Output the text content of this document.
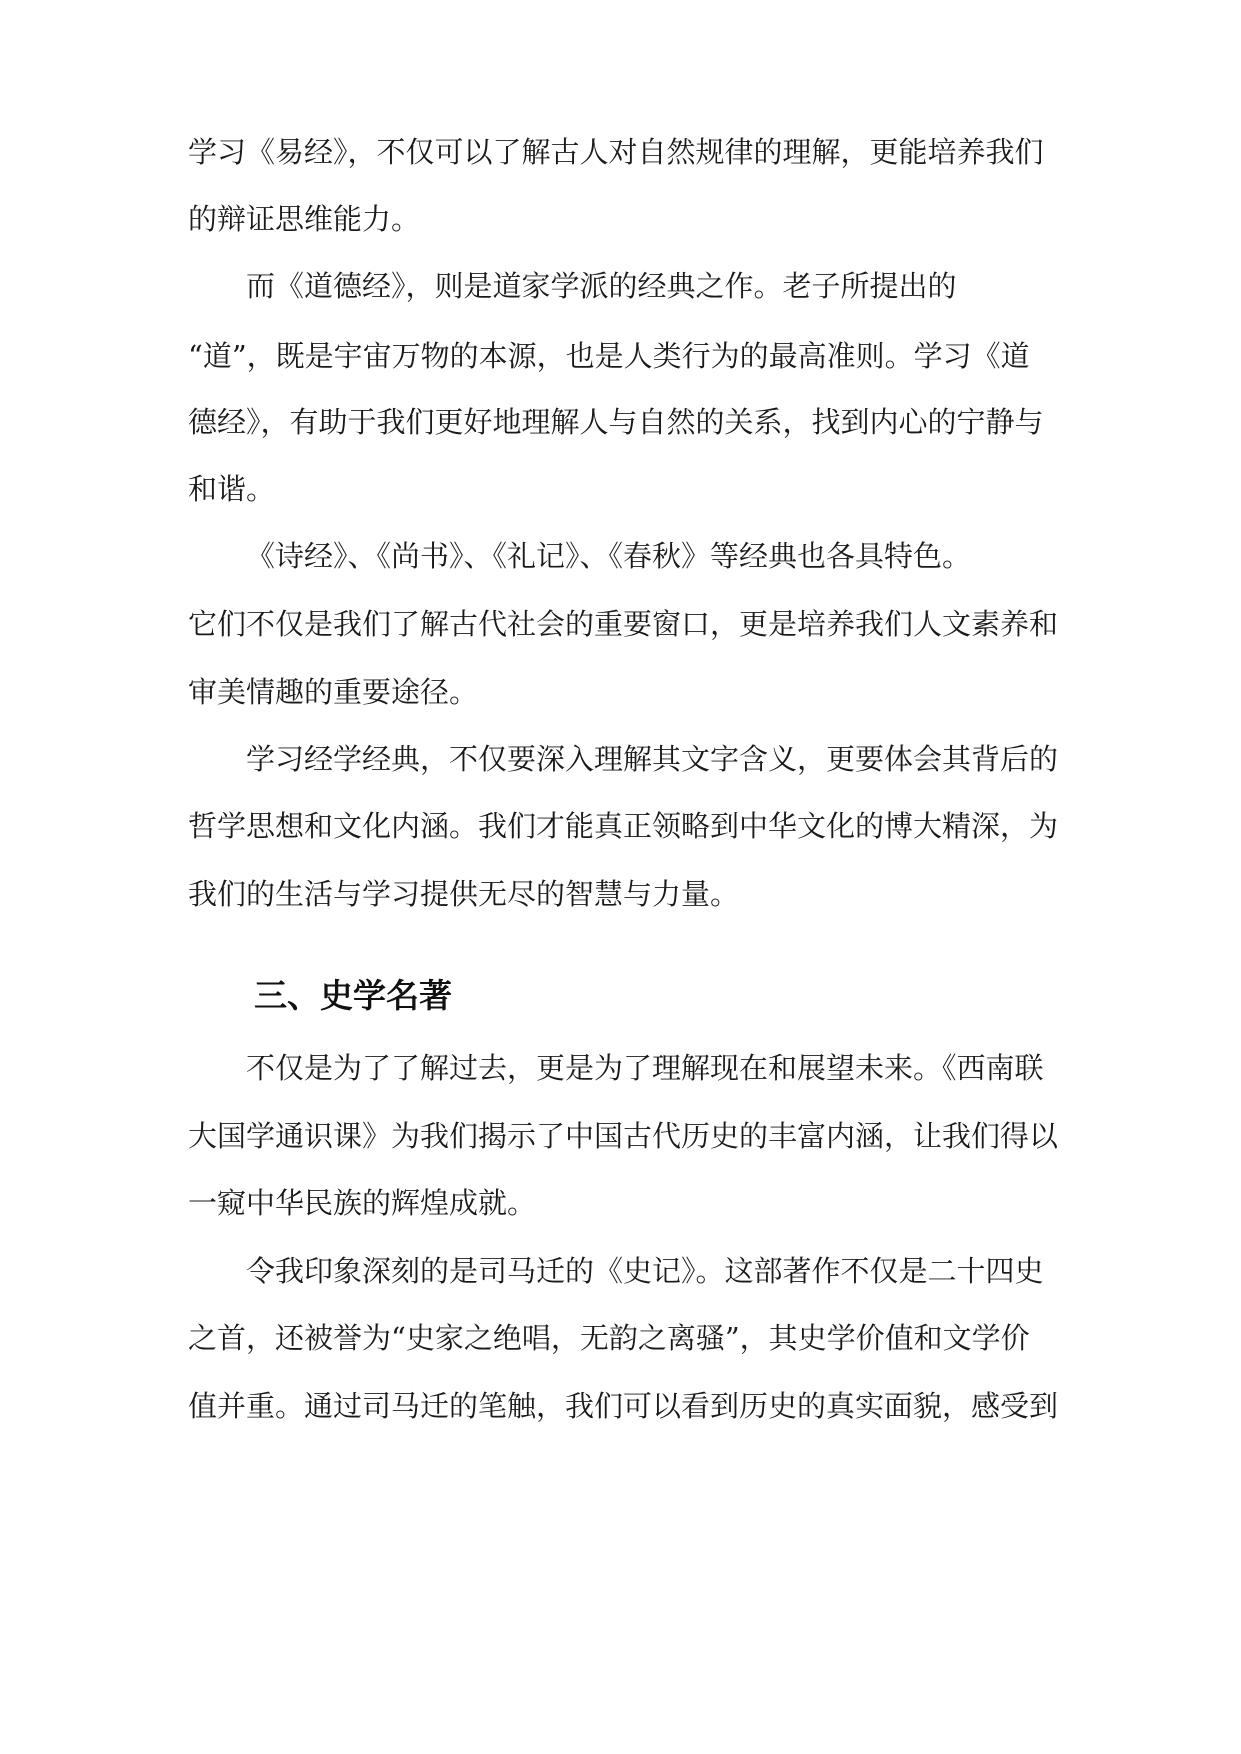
学习《易经》，不仅可以了解古人对自然规律的理解，更能培养我们
的辩证思维能力。
而《道德经》，则是道家学派的经典之作。老子所提出的
“道”，既是宇宙万物的本源，也是人类行为的最高准则。学习《道
德经》，有助于我们更好地理解人与自然的关系，找到内心的宁静与
和谐。
《诗经》、《尚书》、《礼记》、《春秋》等经典也各具特色。
它们不仅是我们了解古代社会的重要窗口，更是培养我们人文素养和
审美情趣的重要途径。
学习经学经典，不仅要深入理解其文字含义，更要体会其背后的
哲学思想和文化内涵。我们才能真正领略到中华文化的博大精深，为
我们的生活与学习提供无尽的智慧与力量。
三、史学名著
不仅是为了了解过去，更是为了理解现在和展望未来。《西南联
大国学通识课》为我们揭示了中国古代历史的丰富内涵，让我们得以
一窥中华民族的辉煌成就。
令我印象深刻的是司马迁的《史记》。这部著作不仅是二十四史
之首，还被誉为“史家之绝唱，无韵之离骚”，其史学价值和文学价
值并重。通过司马迁的笔触，我们可以看到历史的真实面貌，感受到
